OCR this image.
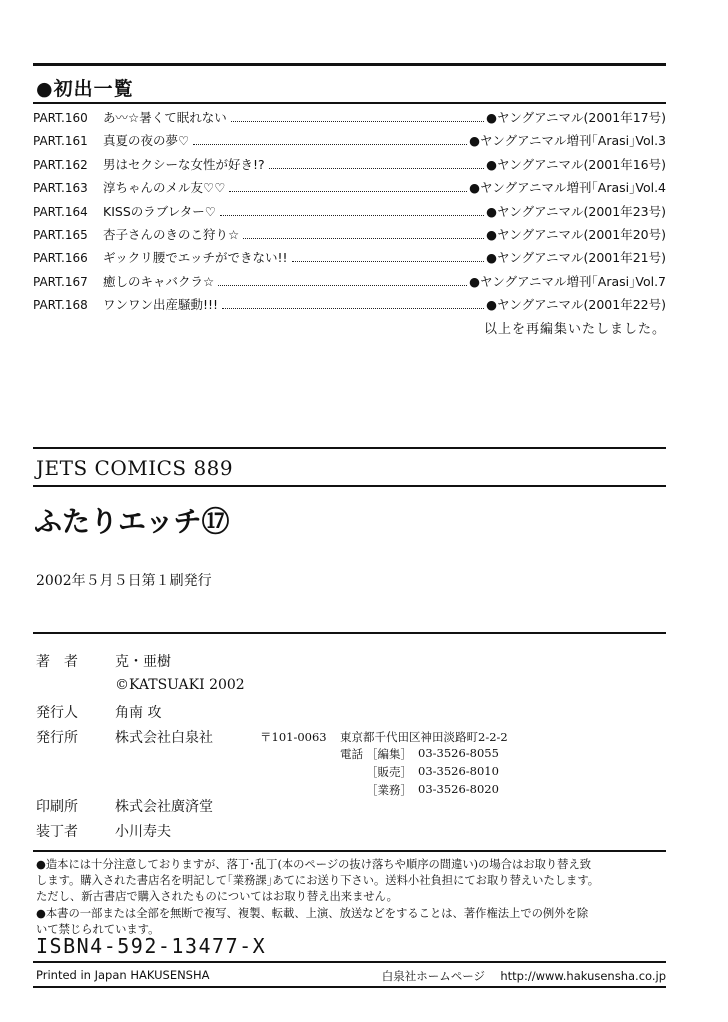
●初出一覧
PART.160	あ〰☆暑くて眠れない	●ヤングアニマル(2001年17号)
PART.161	真夏の夜の夢♡	●ヤングアニマル増刊｢Arasi｣Vol.3
PART.162	男はセクシーな女性が好き!?	●ヤングアニマル(2001年16号)
PART.163	淳ちゃんのメル友♡♡	●ヤングアニマル増刊｢Arasi｣Vol.4
PART.164	KISSのラブレター♡	●ヤングアニマル(2001年23号)
PART.165	杏子さんのきのこ狩り☆	●ヤングアニマル(2001年20号)
PART.166	ギックリ腰でエッチができない!!	●ヤングアニマル(2001年21号)
PART.167	癒しのキャバクラ☆	●ヤングアニマル増刊｢Arasi｣Vol.7
PART.168	ワンワン出産騒動!!!	●ヤングアニマル(2001年22号)
以上を再編集いたしました。
JETS COMICS 889
ふたりエッチ⑰
2002年５月５日第１刷発行
著　者	克・亜樹
©KATSUAKI 2002
発行人	角南 攻
発行所	株式会社白泉社	〒101-0063 東京都千代田区神田淡路町2-2-2
電話 ［編集］ 03-3526-8055
［販売］ 03-3526-8010
［業務］ 03-3526-8020
印刷所	株式会社廣済堂
装丁者	小川寿夫

●造本には十分注意しておりますが、落丁･乱丁(本のページの抜け落ちや順序の間違い)の場合はお取り替え致

します。購入された書店名を明記して｢業務課｣あてにお送り下さい。送料小社負担にてお取り替えいたします。

ただし、新古書店で購入されたものについてはお取り替え出来ません。

●本書の一部または全部を無断で複写、複製、転載、上演、放送などをすることは、著作権法上での例外を除

いて禁じられています。

ISBN4-592-13477-X
Printed in Japan HAKUSENSHA	白泉社ホームページ http://www.hakusensha.co.jp
